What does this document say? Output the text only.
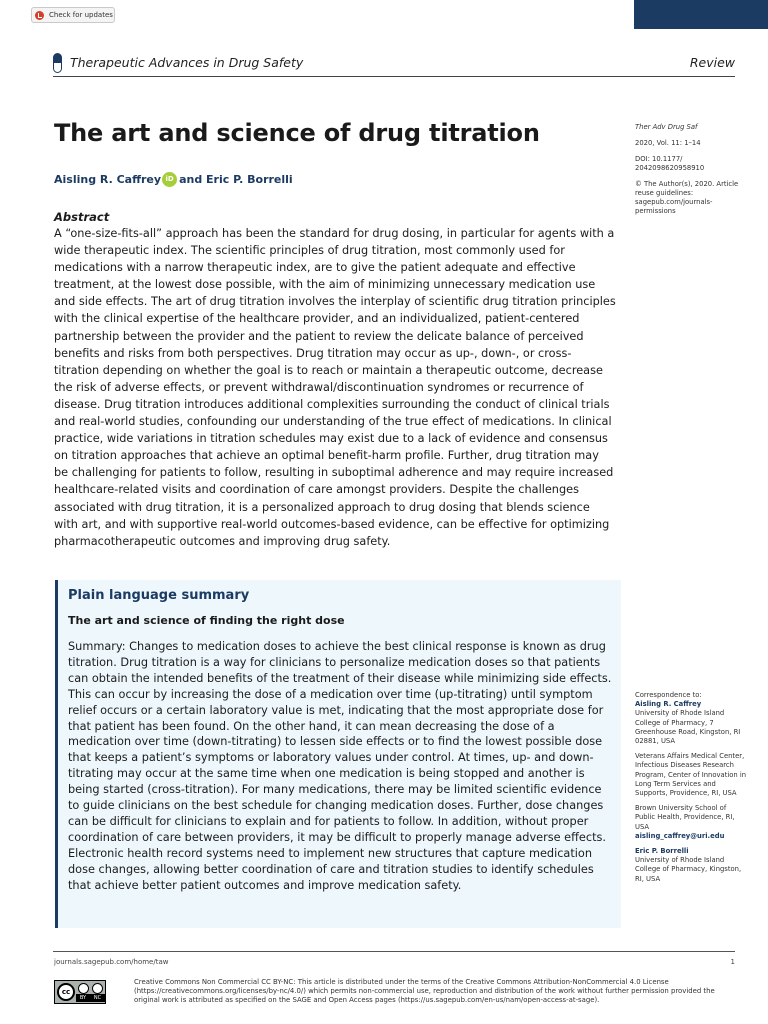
Check for updates
Therapeutic Advances in Drug Safety	Review
The art and science of drug titration
Aisling R. Caffrey iD and Eric P. Borrelli
Abstract

A “one-size-fits-all” approach has been the standard for drug dosing, in particular for agents with a wide therapeutic index. The scientific principles of drug titration, most commonly used for medications with a narrow therapeutic index, are to give the patient adequate and effective treatment, at the lowest dose possible, with the aim of minimizing unnecessary medication use and side effects. The art of drug titration involves the interplay of scientific drug titration principles with the clinical expertise of the healthcare provider, and an individualized, patient-centered partnership between the provider and the patient to review the delicate balance of perceived benefits and risks from both perspectives. Drug titration may occur as up-, down-, or cross-titration depending on whether the goal is to reach or maintain a therapeutic outcome, decrease the risk of adverse effects, or prevent withdrawal/discontinuation syndromes or recurrence of disease. Drug titration introduces additional complexities surrounding the conduct of clinical trials and real-world studies, confounding our understanding of the true effect of medications. In clinical practice, wide variations in titration schedules may exist due to a lack of evidence and consensus on titration approaches that achieve an optimal benefit-harm profile. Further, drug titration may be challenging for patients to follow, resulting in suboptimal adherence and may require increased healthcare-related visits and coordination of care amongst providers. Despite the challenges associated with drug titration, it is a personalized approach to drug dosing that blends science with art, and with supportive real-world outcomes-based evidence, can be effective for optimizing pharmacotherapeutic outcomes and improving drug safety.

Ther Adv Drug Saf

2020, Vol. 11: 1–14

DOI: 10.1177/ 2042098620958910

© The Author(s), 2020. Article reuse guidelines: sagepub.com/journals-permissions

Plain language summary

The art and science of finding the right dose

Summary: Changes to medication doses to achieve the best clinical response is known as drug titration. Drug titration is a way for clinicians to personalize medication doses so that patients can obtain the intended benefits of the treatment of their disease while minimizing side effects. This can occur by increasing the dose of a medication over time (up-titrating) until symptom relief occurs or a certain laboratory value is met, indicating that the most appropriate dose for that patient has been found. On the other hand, it can mean decreasing the dose of a medication over time (down-titrating) to lessen side effects or to find the lowest possible dose that keeps a patient’s symptoms or laboratory values under control. At times, up- and down-titrating may occur at the same time when one medication is being stopped and another is being started (cross-titration). For many medications, there may be limited scientific evidence to guide clinicians on the best schedule for changing medication doses. Further, dose changes can be difficult for clinicians to explain and for patients to follow. In addition, without proper coordination of care between providers, it may be difficult to properly manage adverse effects. Electronic health record systems need to implement new structures that capture medication dose changes, allowing better coordination of care and titration studies to identify schedules that achieve better patient outcomes and improve medication safety.

Correspondence to:
Aisling R. Caffrey
University of Rhode Island College of Pharmacy, 7 Greenhouse Road, Kingston, RI 02881, USA

Veterans Affairs Medical Center, Infectious Diseases Research Program, Center of Innovation in Long Term Services and Supports, Providence, RI, USA

Brown University School of Public Health, Providence, RI, USA
aisling_caffrey@uri.edu

Eric P. Borrelli
University of Rhode Island College of Pharmacy, Kingston, RI, USA

journals.sagepub.com/home/taw	1
cc
BY NC

Creative Commons Non Commercial CC BY-NC: This article is distributed under the terms of the Creative Commons Attribution-NonCommercial 4.0 License (https://creativecommons.org/licenses/by-nc/4.0/) which permits non-commercial use, reproduction and distribution of the work without further permission provided the original work is attributed as specified on the SAGE and Open Access pages (https://us.sagepub.com/en-us/nam/open-access-at-sage).
